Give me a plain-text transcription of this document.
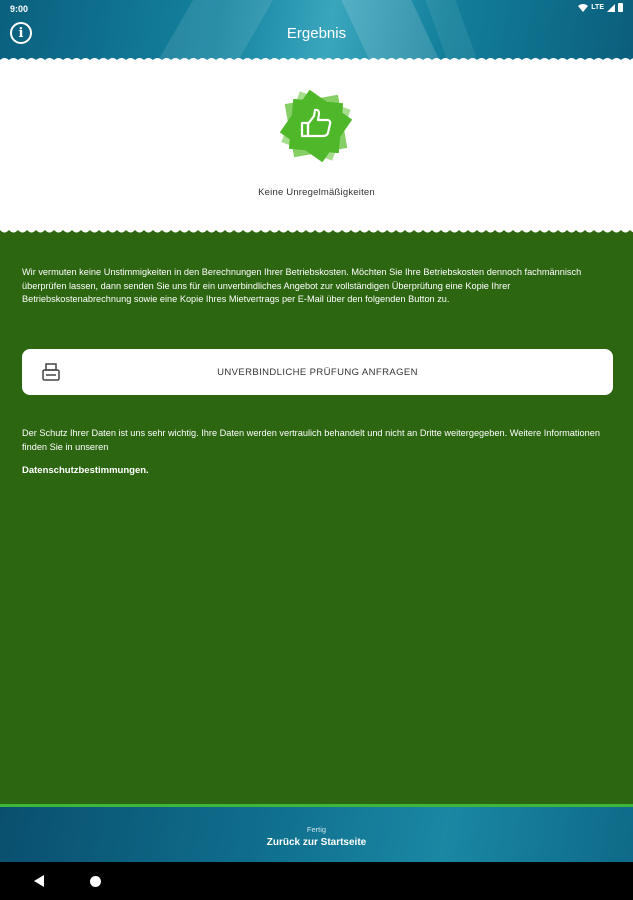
9:00	LTE
i	Ergebnis
Keine Unregelmäßigkeiten

Wir vermuten keine Unstimmigkeiten in den Berechnungen Ihrer Betriebskosten. Möchten Sie Ihre Betriebskosten dennoch fachmännisch überprüfen lassen, dann senden Sie uns für ein unverbindliches Angebot zur vollständigen Überprüfung eine Kopie Ihrer Betriebskostenabrechnung sowie eine Kopie Ihres Mietvertrags per E-Mail über den folgenden Button zu.

UNVERBINDLICHE PRÜFUNG ANFRAGEN

Der Schutz Ihrer Daten ist uns sehr wichtig. Ihre Daten werden vertraulich behandelt und nicht an Dritte weitergegeben. Weitere Informationen finden Sie in unseren

Datenschutzbestimmungen.
Fertig
Zurück zur Startseite
